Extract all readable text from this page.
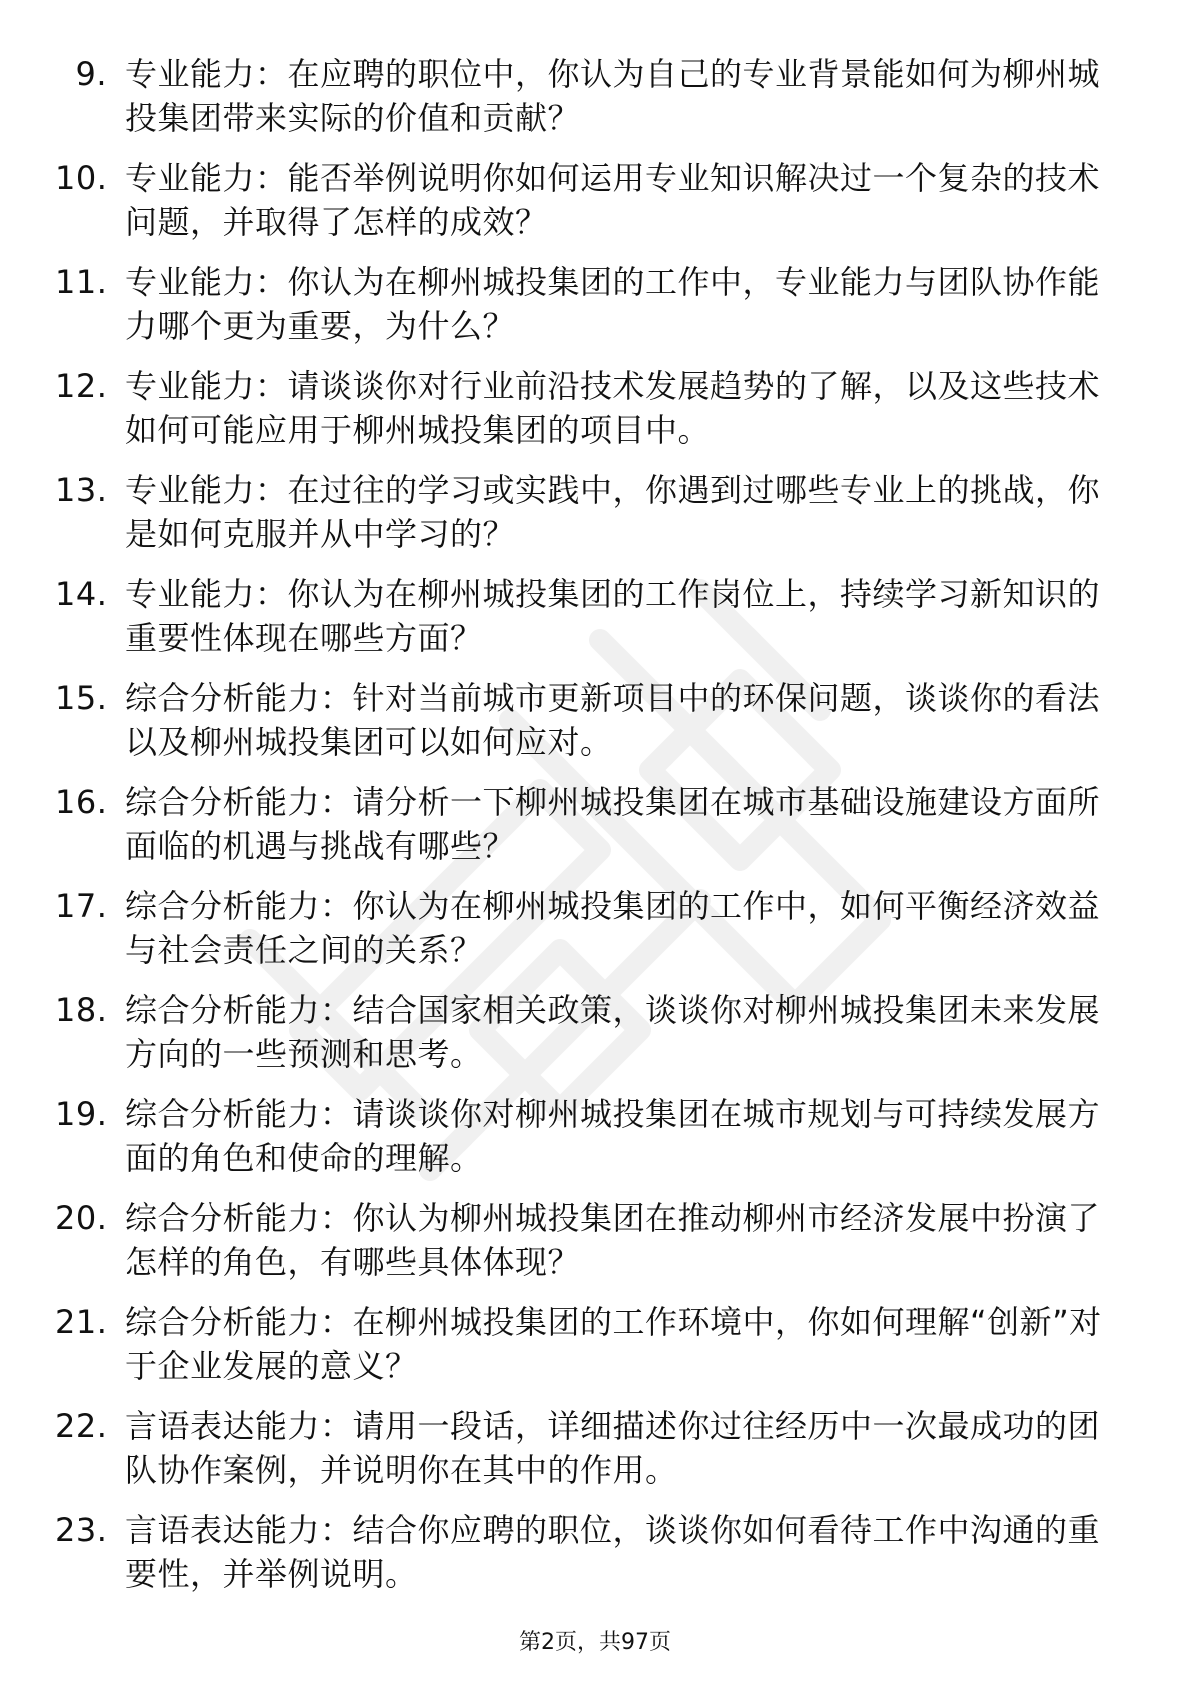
9. 专业能力：在应聘的职位中，你认为自己的专业背景能如何为柳州城投集团带来实际的价值和贡献？
10. 专业能力：能否举例说明你如何运用专业知识解决过一个复杂的技术问题，并取得了怎样的成效？
11. 专业能力：你认为在柳州城投集团的工作中，专业能力与团队协作能力哪个更为重要，为什么？
12. 专业能力：请谈谈你对行业前沿技术发展趋势的了解，以及这些技术如何可能应用于柳州城投集团的项目中。
13. 专业能力：在过往的学习或实践中，你遇到过哪些专业上的挑战，你是如何克服并从中学习的？
14. 专业能力：你认为在柳州城投集团的工作岗位上，持续学习新知识的重要性体现在哪些方面？
15. 综合分析能力：针对当前城市更新项目中的环保问题，谈谈你的看法以及柳州城投集团可以如何应对。
16. 综合分析能力：请分析一下柳州城投集团在城市基础设施建设方面所面临的机遇与挑战有哪些？
17. 综合分析能力：你认为在柳州城投集团的工作中，如何平衡经济效益与社会责任之间的关系？
18. 综合分析能力：结合国家相关政策，谈谈你对柳州城投集团未来发展方向的一些预测和思考。
19. 综合分析能力：请谈谈你对柳州城投集团在城市规划与可持续发展方面的角色和使命的理解。
20. 综合分析能力：你认为柳州城投集团在推动柳州市经济发展中扮演了怎样的角色，有哪些具体体现？
21. 综合分析能力：在柳州城投集团的工作环境中，你如何理解“创新”对于企业发展的意义？
22. 言语表达能力：请用一段话，详细描述你过往经历中一次最成功的团队协作案例，并说明你在其中的作用。
23. 言语表达能力：结合你应聘的职位，谈谈你如何看待工作中沟通的重要性，并举例说明。
第2页，共97页
